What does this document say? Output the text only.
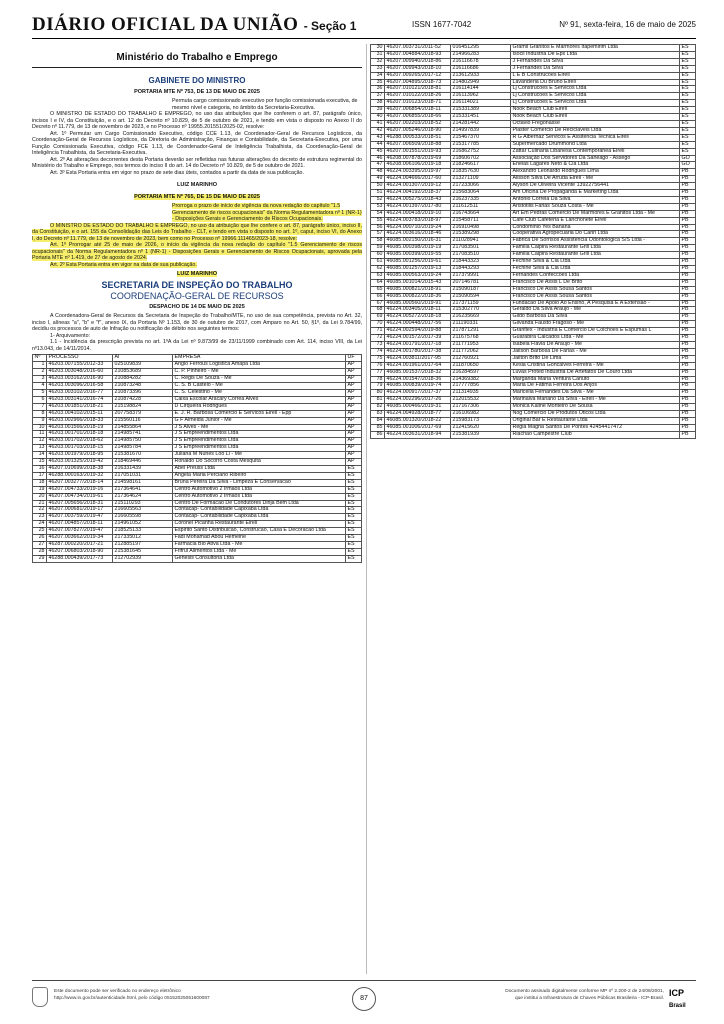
DIÁRIO OFICIAL DA UNIÃO - Seção 1	ISSN 1677-7042	Nº 91, sexta-feira, 16 de maio de 2025
Ministério do Trabalho e Emprego
GABINETE DO MINISTRO
PORTARIA MTE Nº 753, DE 13 DE MAIO DE 2025
Permuta cargo comissionado executivo por função comissionada executiva, de mesmo nível e categoria, no âmbito da Secretaria-Executiva.

O MINISTRO DE ESTADO DO TRABALHO E EMPREGO, no uso das atribuições que lhe conferem o art. 87, parágrafo único, incisos I e IV, da Constituição, e o art. 12 do Decreto nº 10.829, de 5 de outubro de 2021, e tendo em vista o disposto no Anexo II do Decreto nº 11.779, de 13 de novembro de 2023, e no Processo nº 19955.201551/2025-02, resolve:

Art. 1º Permutar um Cargo Comissionado Executivo, código CCE 1.13, de Coordenador-Geral de Recursos Logísticos, da Coordenação-Geral de Recursos Logísticos, da Diretoria de Administração, Finanças e Contabilidade, da Secretaria-Executiva, por uma Função Comissionada Executiva, código FCE 1.13, de Coordenador-Geral de Inteligência Trabalhista, da Coordenação-Geral de Inteligência Trabalhista, da Secretaria-Executiva.

Art. 2º As alterações decorrentes desta Portaria deverão ser refletidas nas futuras alterações do decreto de estrutura regimental do Ministério do Trabalho e Emprego, nos termos do inciso II do art. 14 do Decreto nº 10.829, de 5 de outubro de 2021.

Art. 3º Esta Portaria entra em vigor no prazo de sete dias úteis, contados a partir da data de sua publicação.

LUIZ MARINHO
PORTARIA MTE Nº 765, DE 15 DE MAIO DE 2025
Prorroga o prazo de início de vigência da nova redação do capítulo "1.5 Gerenciamento de riscos ocupacionais" da Norma Regulamentadora nº 1 (NR-1) - Disposições Gerais e Gerenciamento de Riscos Ocupacionais.

O MINISTRO DE ESTADO DO TRABALHO E EMPREGO, no uso da atribuição que lhe confere o art. 87, parágrafo único, inciso II, da Constituição, e o art. 155 da Consolidação das Leis do Trabalho - CLT, e tendo em vista o disposto no art. 1º, caput, inciso VI, do Anexo I, do Decreto nº 11.779, de 13 de novembro de 2023, bem como no Processo nº 19966.111465/2023-18, resolve:

Art. 1º Prorrogar até 25 de maio de 2026, o início da vigência da nova redação do capítulo "1.5 Gerenciamento de riscos ocupacionais" da Norma Regulamentadora nº 1 (NR-1) - Disposições Gerais e Gerenciamento de Riscos Ocupacionais, aprovada pela Portaria MTE nº 1.419, de 27 de agosto de 2024.

Art. 2º Esta Portaria entra em vigor na data de sua publicação.

LUIZ MARINHO
SECRETARIA DE INSPEÇÃO DO TRABALHO
COORDENAÇÃO-GERAL DE RECURSOS
DESPACHO DE 14 DE MAIO DE 2025

A Coordenadora-Geral de Recursos da Secretaria de Inspeção do Trabalho/MTE, no uso de sua competência, prevista no Art. 32, inciso I, alíneas "a", "b" e "f", anexo IX, da Portaria Nº 1.153, de 30 de outubro de 2017, com Amparo no Art. 50, §1º, da Lei 9.784/99, decidiu os processos de auto de Infração ou notificação de débito nos seguintes termos:

1- Arquivamento:

1.1 - Incidência da prescrição prevista no art. 1ºA da Lei nº 9.873/99 de 23/11/1999 combinado com Art. 114, inciso VIII, da Lei nº13.043, de 14/11/2014.

Nº	PROCESSO	AI	EMPRESA	UF
1	46203.007155/2012-33	025109839	Anglo Ferrous Logistica Amapa Ltda	AP
2	46203.003048/2016-60	210853689	C. P. Pinheiro - Me	AP
3	46203.003162/2016-90	210884282	C. Regis De Souza - Me	AP
4	46203.003096/2016-58	210873248	C. S. B Castelo - Me	AP
5	46203.003102/2016-77	210873396	C. S. Celestino - Me	AP
6	46203.003141/2016-74	210874228	Caixa Escolar Aracary Correa Alves	AP
7	46203.001851/2018-21	215198824	D Cirqueira Rodrigues	AP
8	46203.004102/2015-11	207758379	E. J. R. Barbosa Comercio E Servicos Eireli - Epp	AP
9	46203.002966/2018-33	215560116	G F Almeida Junior - Me	AP
10	46203.001566/2018-19	214855864	J S Alves - Me	AP
11	46203.001701/2018-18	214985741	J S Empreendimentos Ltda	AP
12	46203.001702/2018-62	214985750	J S Empreendimentos Ltda	AP
13	46203.001703/2018-15	214985784	J S Empreendimentos Ltda	AP
14	46203.001979/2018-95	215381670	Juliana M Nunes Loo Li - Me	AP
15	46203.001325/2019-42	218469446	Ronaldo Do Socorro Costa Mesquita	AP
16	46207.010699/2018-38	216331439	Abel Preuss Ltda	ES
17	46288.000163/2019-32	217051031	Angela Maria Perciano Ribeiro	ES
18	46207.003277/2018-14	214598161	Bruna Pereira Da Silva - Limpeza E Conservacao	ES
19	46207.004733/2019-16	217364641	Centro Automotivo 2 Irmaos Ltda	ES
20	46207.004734/2019-61	217364624	Centro Automotivo 2 Irmaos Ltda	ES
21	46207.005656/2018-31	215110293	Centro De Formacao De Condutores Dirija Bem Ltda	ES
22	46207.000681/2019-17	216605563	Contacap- Contabilidade Capixaba Ltda	ES
23	46207.003759/2019-47	216605598	Contacap- Contabilidade Capixaba Ltda	ES
24	46207.004857/2018-11	214961052	Coronel Picanha Restaurante Eireli	ES
25	46207.007827/2019-47	218525133	Espirito Santo Distribuicao, Construcao, Casa E Decoracao Ltda	ES
26	46207.003662/2019-34	217335012	Fadi Mohamad Abou Hemeine	ES
27	46287.000220/2017-21	212885197	Farmacia Bio Ativa Ltda - Me	ES
28	46207.006803/2018-90	215381645	Frifrul Alimentos Ltda - Me	ES
29	46288.000439/2017-73	212702939	Genesis Consultoria Ltda	ES
30	46207.003731/2011-52	016451295	Gramil Granitos E Marmores Itapemirim Ltda	ES
31	46207.004884/2018-93	214966283	Isocil Industria De Eps Ltda	ES
32	46207.009940/2018-86	216116678	J Fernandes Da Silva	ES
33	46207.009943/2018-10	216116686	J Fernandes Da Silva	ES
34	46207.009265/2017-12	213612933	L E B Construcoes Eireli	ES
35	46207.004895/2018-73	214802949	Lavanderia Du Bruno Eireli	ES
36	46207.010121/2018-81	216114144	Lj Construcoes E Servicos Ltda	ES
37	46207.010122/2018-26	216113962	Lj Construcoes E Servicos Ltda	ES
38	46207.010123/2018-71	216114021	Lj Construcoes E Servicos Ltda	ES
39	46207.006854/2018-11	215331389	Nook Beach Club Eireli	ES
40	46207.006855/2018-66	215331451	Nook Beach Club Eireli	ES
41	46207.002203/2018-52	214281442	Octavio Fregonasse	ES
42	46207.005246/2018-90	214997839	Plaster Comercio De Reciclaveis Ltda	ES
43	46288.000533/2018-51	215467370	R G Albernaz Servicos E Assitencia Tecnica Eireli	ES
44	46207.006509/2018-88	215317785	Supermercado Drummond Ltda	ES
45	46207.001551/2019-93	216862752	Zattar Culinaria Libanesa Contemporanea Eireli	ES
46	46208.007878/2019-69	218606702	Associação Dos Servidores Da Saneago - Assego	GO
47	46208.006106/2019-18	218246617	Eneias Lagares Neto & Cia Ltda	GO
48	46224.003395/2019-97	218357630	Alexandro Leonardo Rodrigues Lima	PB
49	46224.004666/2017-60	213271109	Alisson Silva De Arruda Eireli - Me	PB
50	46224.001307/2019-12	217233066	Alyson De Oliveira Vicente 13922756441	PB
51	46224.004192/2018-37	215683064	Am Oficina De Propaganda E Marketing Ltda	PB
52	46224.005275/2018-43	216237335	Antonio Correia Da Silva	PB
53	46224.001397/2017-80	211612511	Aristotilis Farias Souza Costa - Me	PB
54	46224.000418/2019-10	216743664	Art Em Pedras Comercio De Marmores E Granitos Ltda - Me	PB
55	46224.003783/2018-97	215458711	Cafe Club Cafeteria E Lanchonete Eireli	PB
56	46224.000710/2019-24	216910498	Condominio Yes Banana	PB
57	46224.003616/2018-46	215389298	Cooperativa Agropecuaria Do Cariri Ltda	PB
58	46085.002150/2016-31	211028941	Fabrica De Sorrisos Assistencia Odontologica S/S Ltda -	PB
59	46085.000398/2019-19	217083501	Familia Caipira Restaurante Grill Ltda	PB
60	46085.000399/2019-55	217083510	Familia Caipira Restaurante Grill Ltda	PB
61	46085.001256/2019-61	218443323	Fechine Silva & Cia Ltda	PB
62	46085.001257/2019-13	218443293	Fechine Silva & Cia Ltda	PB
63	46085.000563/2019-24	217379991	Fernandes Confeccoes Ltda	PB
64	46085.001014/2015-43	207146781	Francisco De Assis L De Brito	PB
65	46085.000821/2018-91	215090187	Francisco De Assis Sousa Santos	PB
66	46085.000822/2018-36	215090594	Francisco De Assis Sousa Santos	PB
67	46085.000560/2019-91	217371159	Fundacao De Apoio Ao Ensino, A Pesquisa E A Extensao -	PB
68	46224.003405/2018-11	215302770	Geraldo Da Silva Araujo - Me	PB
69	46224.005272/2018-18	216235669	Gildo Barbosa Da Silva	PB
70	46224.000448/2017-56	211190331	Gilvanda Fausto Fragoso - Me	PB
71	46224.002594/2019-88	217871291	Granflex - Industria E Comercio De Colchoes E Espumas L	PB
72	46224.001572/2017-39	211675768	Guarabira Calcados Ltda - Me	PB
73	46224.001791/2017-18	211771953	Isabela Flavia De Araujo - Me	PB
74	46224.001780/2017-38	211772062	Jailson Barbosa De Farias - Me	PB
75	46224.003811/2017-95	212760921	Jailton Brito De Lima	PB
76	46224.001961/2017-64	211870650	Kesia Cristina Goncalves Ferreira - Me	PB
77	46085.001537/2018-32	216284597	Luvas Proted Industria De Artefatos De Couro Ltda	PB
78	46224.001547/2018-36	214369382	Margarida Maria Ventura Canuto	PB
79	46085.000839/2019-74	217777856	Maria De Fátima Ferreira Dos Anjos	PB
80	46224.000917/2017-37	211314935	Maricelia Fernandes Da Silva - Me	PB
81	46224.002296/2017-26	212015532	Marinalva Mariano Da Silva - Eireli - Me	PB
82	46085.000466/2019-31	217167306	Monica Kaline Monteiro De Sousa	PB
83	46224.004928/2018-77	216106982	Nog Comercio De Produtos Oticos Ltda	PB
84	46085.001320/2018-22	215983173	Original Bar E Restaurante Ltda	PB
85	46085.001006/2017-69	212415620	Regia Magna Santos De Pontes 42454417472	PB
86	46224.003631/2018-94	215381939	Riachao Campestre Club	PB
Este documento pode ser verificado no endereço eletrônico
http://www.in.gov.br/autenticidade.html, pelo código 05152025051600087	87
Documento assinado digitalmente conforme MP nº 2.200-2 de 24/08/2001,
que institui a Infraestrutura de Chaves Públicas Brasileira - ICP-Brasil. ICP
Brasil
